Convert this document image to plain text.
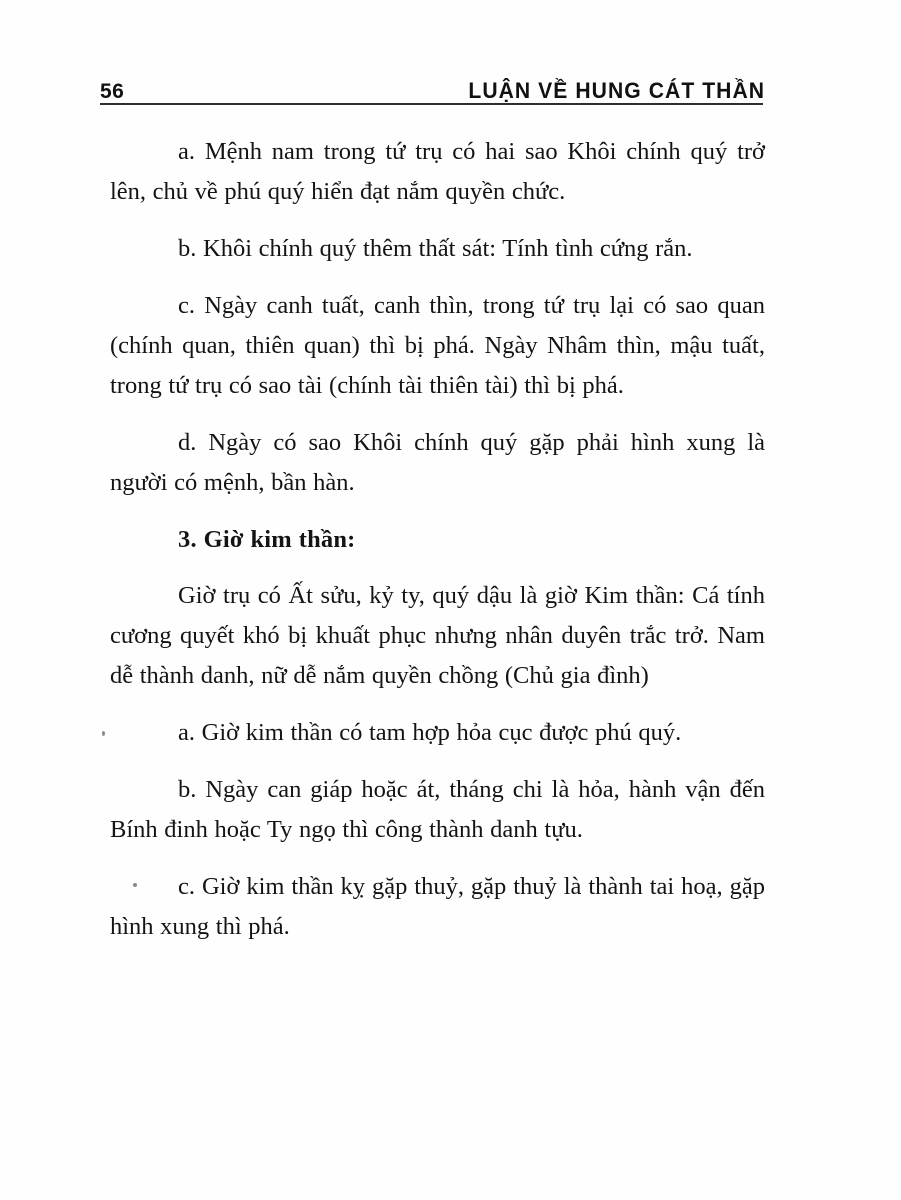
56	LUẬN VỀ HUNG CÁT THẦN

a. Mệnh nam trong tứ trụ có hai sao Khôi chính quý trở lên, chủ về phú quý hiển đạt nắm quyền chức.

b. Khôi chính quý thêm thất sát: Tính tình cứng rắn.

c. Ngày canh tuất, canh thìn, trong tứ trụ lại có sao quan (chính quan, thiên quan) thì bị phá. Ngày Nhâm thìn, mậu tuất, trong tứ trụ có sao tài (chính tài thiên tài) thì bị phá.

d. Ngày có sao Khôi chính quý gặp phải hình xung là người có mệnh, bần hàn.

3. Giờ kim thần:

Giờ trụ có Ất sửu, kỷ ty, quý dậu là giờ Kim thần: Cá tính cương quyết khó bị khuất phục nhưng nhân duyên trắc trở. Nam dễ thành danh, nữ dễ nắm quyền chồng (Chủ gia đình)

a. Giờ kim thần có tam hợp hỏa cục được phú quý.

b. Ngày can giáp hoặc át, tháng chi là hỏa, hành vận đến Bính đinh hoặc Ty ngọ thì công thành danh tựu.

c. Giờ kim thần kỵ gặp thuỷ, gặp thuỷ là thành tai hoạ, gặp hình xung thì phá.
